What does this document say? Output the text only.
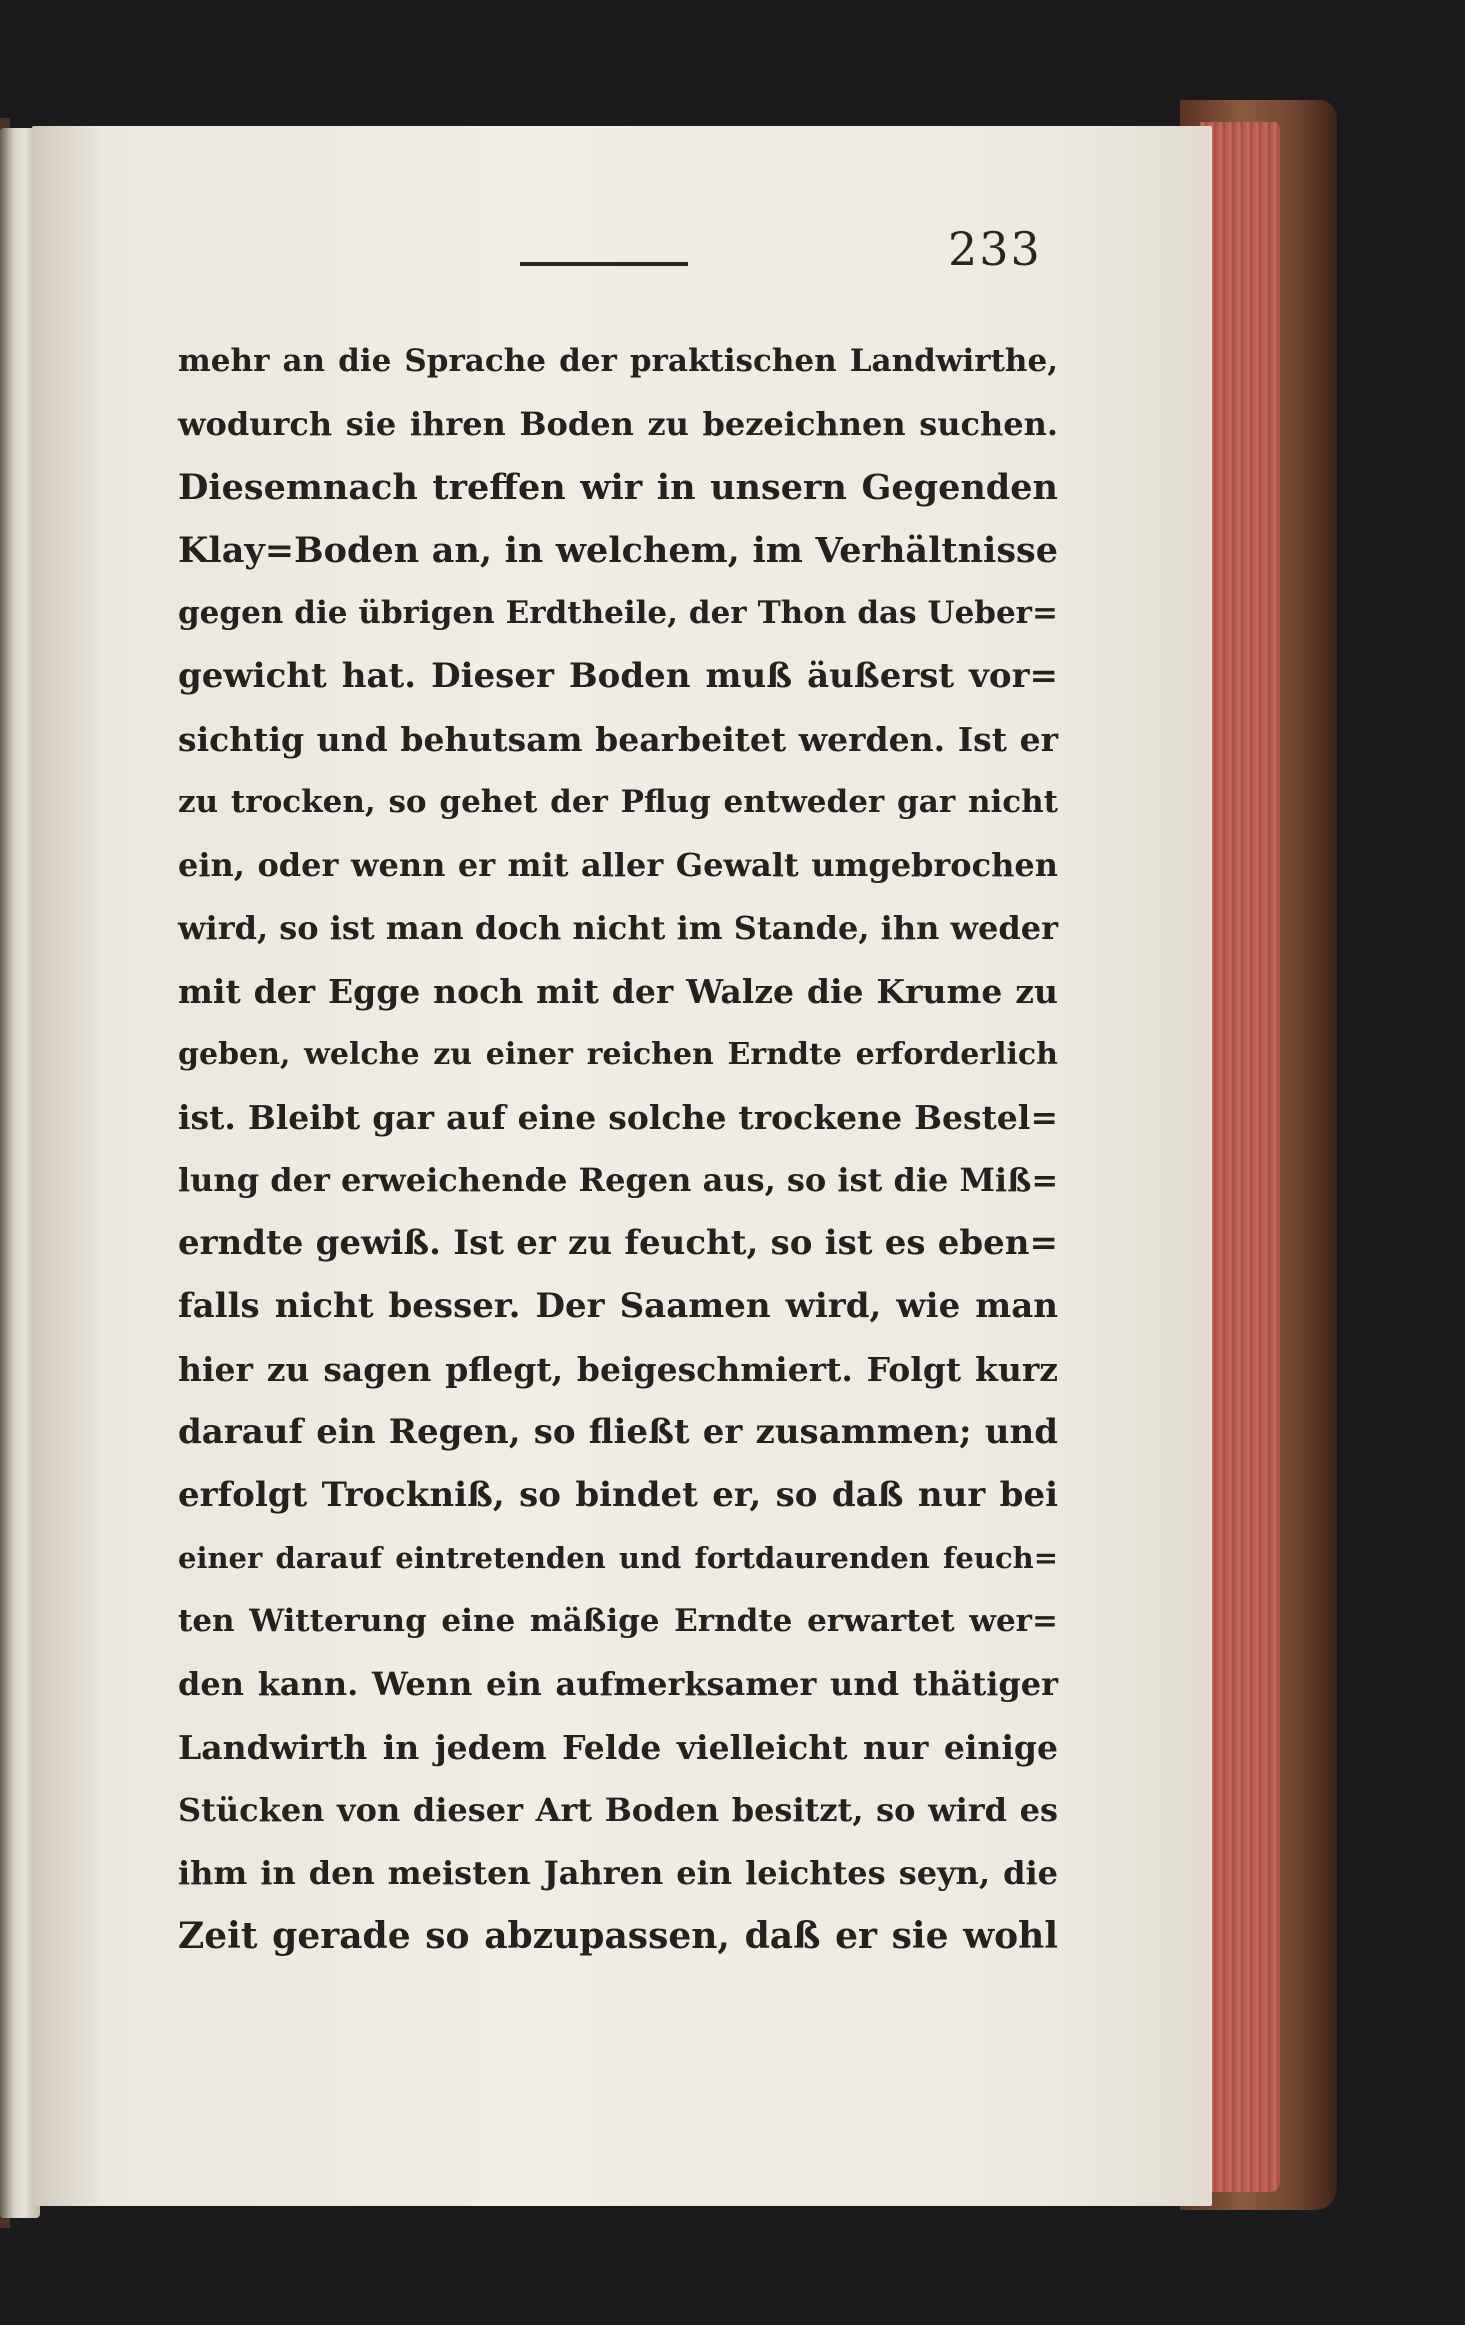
233
mehr an die Sprache der praktischen Landwirthe,
wodurch sie ihren Boden zu bezeichnen suchen.
Diesemnach treffen wir in unsern Gegenden
Klay=Boden an, in welchem, im Verhältnisse
gegen die übrigen Erdtheile, der Thon das Ueber=
gewicht hat. Dieser Boden muß äußerst vor=
sichtig und behutsam bearbeitet werden. Ist er
zu trocken, so gehet der Pflug entweder gar nicht
ein, oder wenn er mit aller Gewalt umgebrochen
wird, so ist man doch nicht im Stande, ihn weder
mit der Egge noch mit der Walze die Krume zu
geben, welche zu einer reichen Erndte erforderlich
ist. Bleibt gar auf eine solche trockene Bestel=
lung der erweichende Regen aus, so ist die Miß=
erndte gewiß. Ist er zu feucht, so ist es eben=
falls nicht besser. Der Saamen wird, wie man
hier zu sagen pflegt, beigeschmiert. Folgt kurz
darauf ein Regen, so fließt er zusammen; und
erfolgt Trockniß, so bindet er, so daß nur bei
einer darauf eintretenden und fortdaurenden feuch=
ten Witterung eine mäßige Erndte erwartet wer=
den kann. Wenn ein aufmerksamer und thätiger
Landwirth in jedem Felde vielleicht nur einige
Stücken von dieser Art Boden besitzt, so wird es
ihm in den meisten Jahren ein leichtes seyn, die
Zeit gerade so abzupassen, daß er sie wohl
